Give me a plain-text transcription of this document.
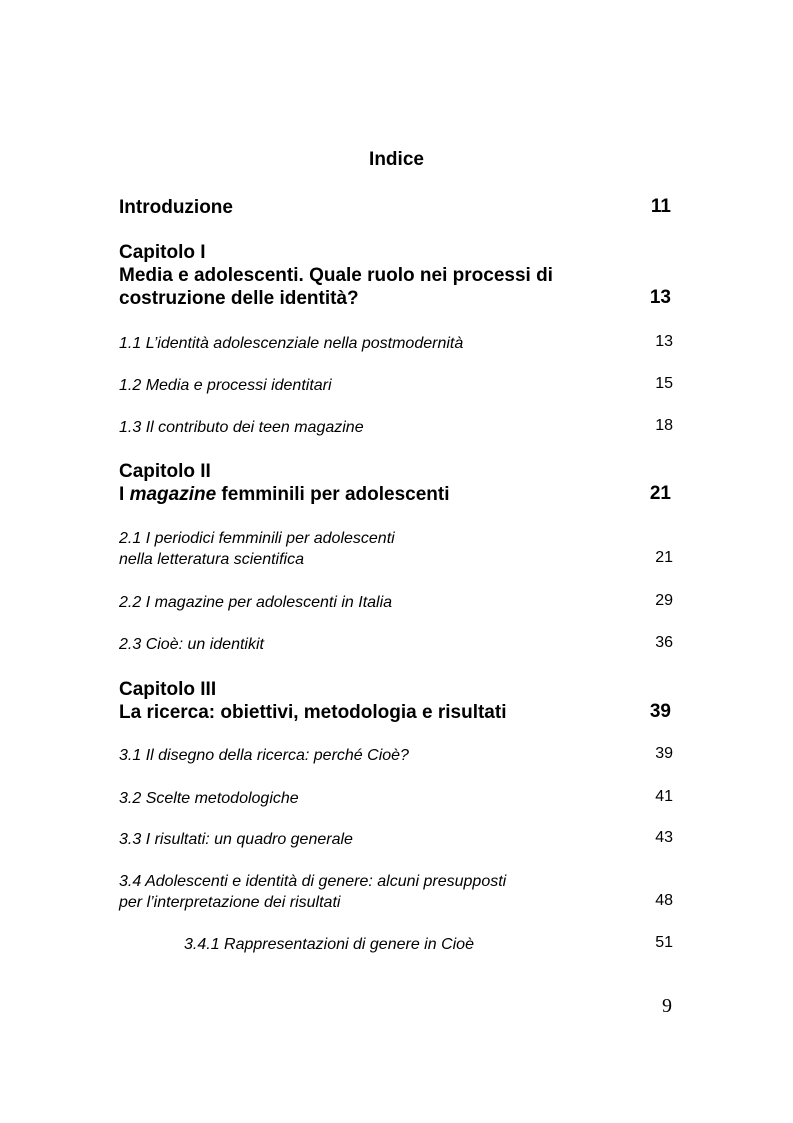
Indice
Introduzione	11
Capitolo I
Media e adolescenti. Quale ruolo nei processi di
costruzione delle identità?	13
1.1 L’identità adolescenziale nella postmodernità	13
1.2 Media e processi identitari	15
1.3 Il contributo dei teen magazine	18
Capitolo II
I magazine femminili per adolescenti	21
2.1 I periodici femminili per adolescenti
nella letteratura scientifica	21
2.2 I magazine per adolescenti in Italia	29
2.3 Cioè: un identikit	36
Capitolo III
La ricerca: obiettivi, metodologia e risultati	39
3.1 Il disegno della ricerca: perché Cioè?	39
3.2 Scelte metodologiche	41
3.3 I risultati: un quadro generale	43
3.4 Adolescenti e identità di genere: alcuni presupposti
per l’interpretazione dei risultati	48
3.4.1 Rappresentazioni di genere in Cioè	51
9
